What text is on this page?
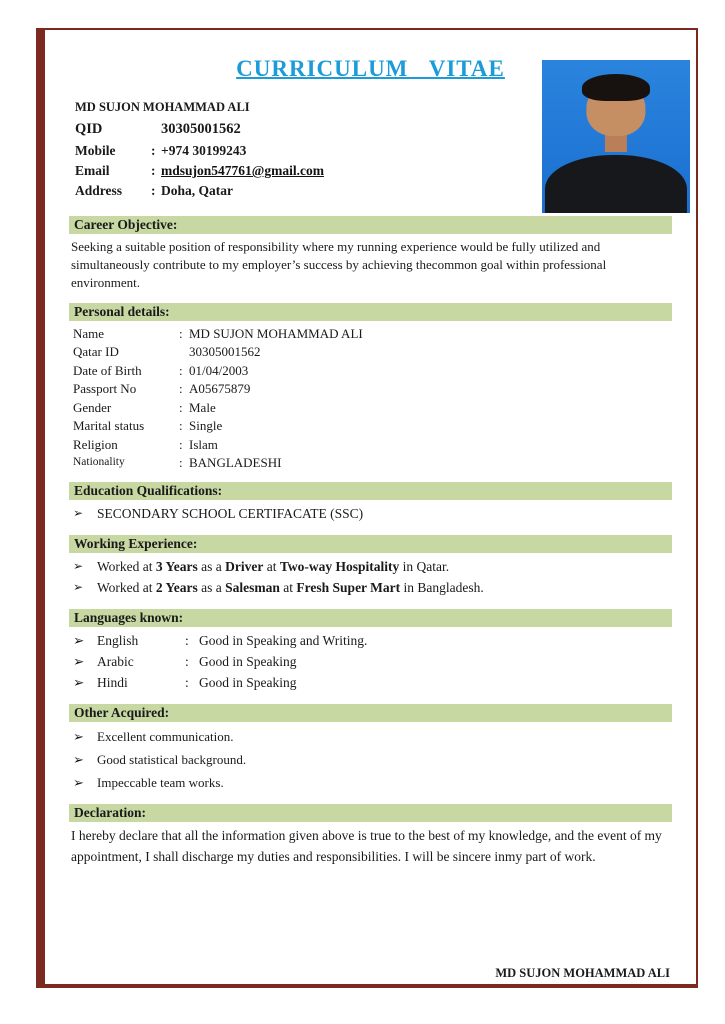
CURRICULUM VITAE
MD SUJON MOHAMMAD ALI
QID	30305001562
Mobile	: +974 30199243
Email	: mdsujon547761@gmail.com
Address	: Doha, Qatar
Career Objective:
Seeking a suitable position of responsibility where my running experience would be fully utilized and simultaneously contribute to my employer’s success by achieving thecommon goal within professional environment.
Personal details:
Name	: MD SUJON MOHAMMAD ALI
Qatar ID	30305001562
Date of Birth	: 01/04/2003
Passport No	: A05675879
Gender	: Male
Marital status	: Single
Religion	: Islam
Nationality	: BANGLADESHI
Education Qualifications:
➢	SECONDARY SCHOOL CERTIFACATE (SSC)
Working Experience:
➢	Worked at 3 Years as a Driver at Two-way Hospitality in Qatar.
➢	Worked at 2 Years as a Salesman at Fresh Super Mart in Bangladesh.
Languages known:
➢ English	: Good in Speaking and Writing.
➢ Arabic	: Good in Speaking
➢ Hindi	: Good in Speaking
Other Acquired:
➢	Excellent communication.
➢	Good statistical background.
➢	Impeccable team works.
Declaration:
I hereby declare that all the information given above is true to the best of my knowledge, and the event of my appointment, I shall discharge my duties and responsibilities. I will be sincere inmy part of work.
MD SUJON MOHAMMAD ALI
